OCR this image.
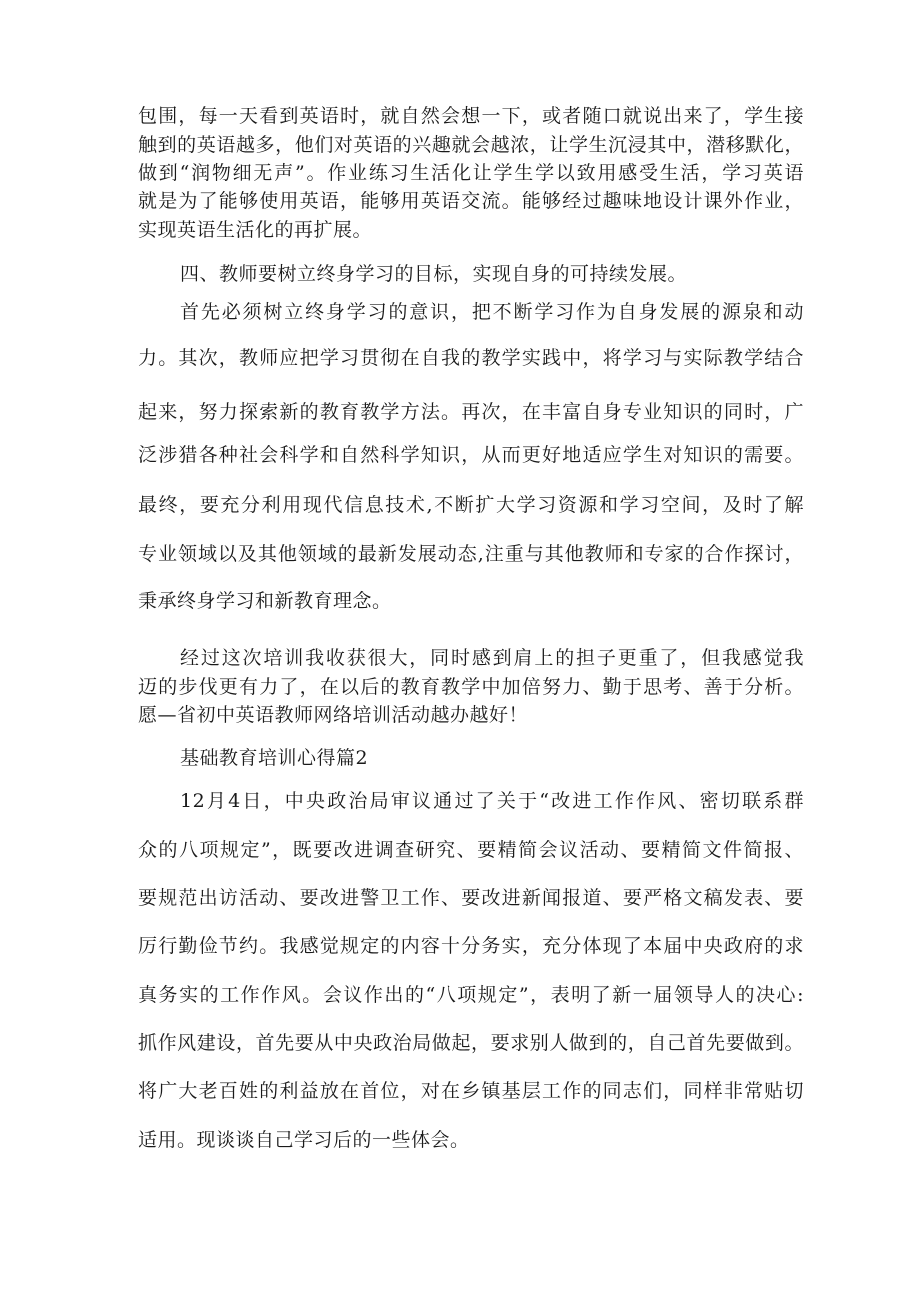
包围，每一天看到英语时，就自然会想一下，或者随口就说出来了，学生接
触到的英语越多，他们对英语的兴趣就会越浓，让学生沉浸其中，潜移默化，
做到“润物细无声”。作业练习生活化让学生学以致用感受生活，学习英语
就是为了能够使用英语，能够用英语交流。能够经过趣味地设计课外作业，
实现英语生活化的再扩展。
四、教师要树立终身学习的目标，实现自身的可持续发展。
首先必须树立终身学习的意识，把不断学习作为自身发展的源泉和动
力。其次，教师应把学习贯彻在自我的教学实践中，将学习与实际教学结合
起来，努力探索新的教育教学方法。再次，在丰富自身专业知识的同时，广
泛涉猎各种社会科学和自然科学知识，从而更好地适应学生对知识的需要。
最终，要充分利用现代信息技术,不断扩大学习资源和学习空间，及时了解
专业领域以及其他领域的最新发展动态,注重与其他教师和专家的合作探讨，
秉承终身学习和新教育理念。
经过这次培训我收获很大，同时感到肩上的担子更重了，但我感觉我
迈的步伐更有力了，在以后的教育教学中加倍努力、勤于思考、善于分析。
愿—省初中英语教师网络培训活动越办越好！
基础教育培训心得篇2
12月4日，中央政治局审议通过了关于“改进工作作风、密切联系群
众的八项规定”，既要改进调查研究、要精简会议活动、要精简文件简报、
要规范出访活动、要改进警卫工作、要改进新闻报道、要严格文稿发表、要
厉行勤俭节约。我感觉规定的内容十分务实，充分体现了本届中央政府的求
真务实的工作作风。会议作出的“八项规定”，表明了新一届领导人的决心:
抓作风建设，首先要从中央政治局做起，要求别人做到的，自己首先要做到。
将广大老百姓的利益放在首位，对在乡镇基层工作的同志们，同样非常贴切
适用。现谈谈自己学习后的一些体会。
